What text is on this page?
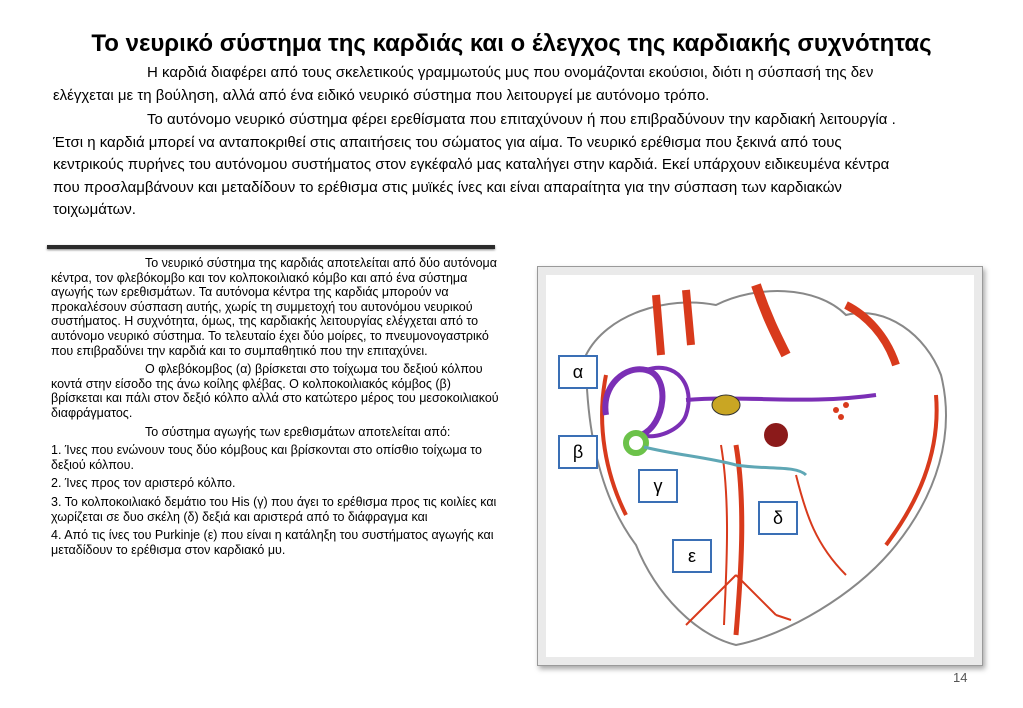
Το νευρικό σύστημα της καρδιάς και ο έλεγχος της καρδιακής συχνότητας

Η καρδιά διαφέρει από τους σκελετικούς γραμμωτούς μυς που ονομάζονται εκούσιοι, διότι η σύσπασή της δεν ελέγχεται με τη βούληση, αλλά από ένα ειδικό νευρικό σύστημα που λειτουργεί με αυτόνομο τρόπο.

Το αυτόνομο νευρικό σύστημα φέρει ερεθίσματα που επιταχύνουν ή που επιβραδύνουν την καρδιακή λειτουργία . Έτσι η καρδιά μπορεί να ανταποκριθεί στις απαιτήσεις του σώματος για αίμα. Το νευρικό ερέθισμα που ξεκινά από τους κεντρικούς πυρήνες του αυτόνομου συστήματος στον εγκέφαλό μας καταλήγει στην καρδιά. Εκεί υπάρχουν ειδικευμένα κέντρα που προσλαμβάνουν και μεταδίδουν το ερέθισμα στις μυϊκές ίνες και είναι απαραίτητα για την σύσπαση των καρδιακών τοιχωμάτων.

Το νευρικό σύστημα της καρδιάς αποτελείται από δύο αυτόνομα κέντρα, τον φλεβόκομβο και τον κολποκοιλιακό κόμβο και από ένα σύστημα αγωγής των ερεθισμάτων. Τα αυτόνομα κέντρα της καρδιάς μπορούν να προκαλέσουν σύσπαση αυτής, χωρίς τη συμμετοχή του αυτονόμου νευρικού συστήματος. Η συχνότητα, όμως, της καρδιακής λειτουργίας ελέγχεται από το αυτόνομο νευρικό σύστημα. Το τελευταίο έχει δύο μοίρες, το πνευμονογαστρικό που επιβραδύνει την καρδιά και το συμπαθητικό που την επιταχύνει.

Ο φλεβόκομβος (α) βρίσκεται στο τοίχωμα του δεξιού κόλπου κοντά στην είσοδο της άνω κοίλης φλέβας. Ο κολποκοιλιακός κόμβος (β) βρίσκεται και πάλι στον δεξιό κόλπο αλλά στο κατώτερο μέρος του μεσοκοιλιακού διαφράγματος.

Το σύστημα αγωγής των ερεθισμάτων αποτελείται από:

1. Ίνες που ενώνουν τους δύο κόμβους και βρίσκονται στο οπίσθιο τοίχωμα το δεξιού κόλπου.

2. Ίνες προς τον αριστερό κόλπο.

3. Το κολποκοιλιακό δεμάτιο του His (γ) που άγει το ερέθισμα προς τις κοιλίες και χωρίζεται σε δυο σκέλη (δ) δεξιά και αριστερά από το διάφραγμα και

4. Από τις ίνες του Purkinje (ε) που είναι η κατάληξη του συστήματος αγωγής και μεταδίδουν το ερέθισμα στον καρδιακό μυ.

α
β
γ
δ
ε
14
